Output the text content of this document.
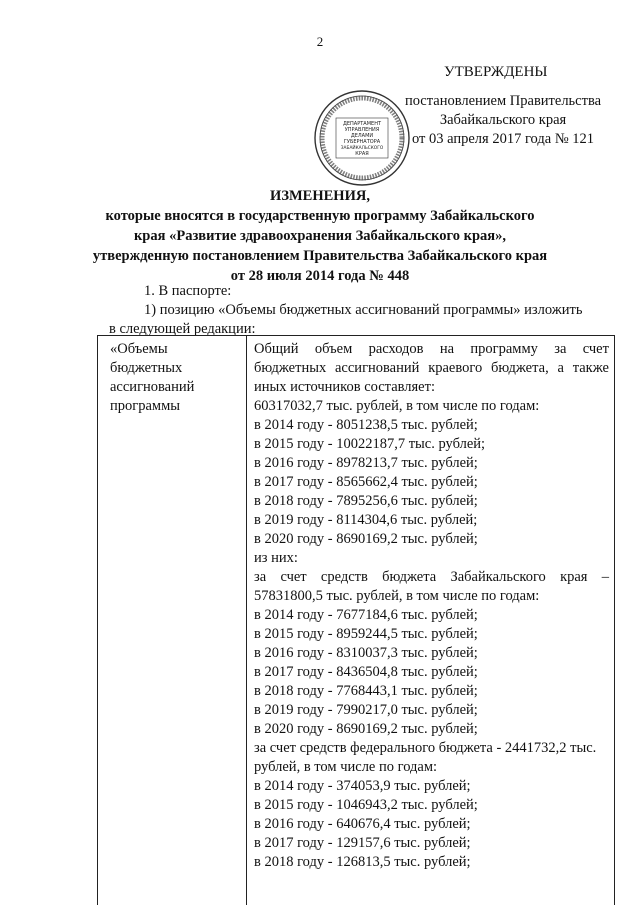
2
УТВЕРЖДЕНЫ
ДЕПАРТАМЕНТ
УПРАВЛЕНИЯ
ДЕЛАМИ
ГУБЕРНАТОРА
ЗАБАЙКАЛЬСКОГО
КРАЯ
постановлением Правительства
Забайкальского края
от 03 апреля 2017 года № 121
ИЗМЕНЕНИЯ,
которые вносятся в государственную программу Забайкальского
края «Развитие здравоохранения Забайкальского края»,
утвержденную постановлением Правительства Забайкальского края
от 28 июля 2014 года № 448
1. В паспорте:
1) позицию «Объемы бюджетных ассигнований программы» изложить
в следующей редакции:
«Объемы
бюджетных
ассигнований
программы
Общий объем расходов на программу за счет
бюджетных ассигнований краевого бюджета, а также
иных источников составляет:
60317032,7 тыс. рублей, в том числе по годам:
в 2014 году - 8051238,5 тыс. рублей;
в 2015 году - 10022187,7 тыс. рублей;
в 2016 году - 8978213,7 тыс. рублей;
в 2017 году - 8565662,4 тыс. рублей;
в 2018 году - 7895256,6 тыс. рублей;
в 2019 году - 8114304,6 тыс. рублей;
в 2020 году - 8690169,2 тыс. рублей;
из них:
за счет средств бюджета Забайкальского края –
57831800,5 тыс. рублей, в том числе по годам:
в 2014 году - 7677184,6 тыс. рублей;
в 2015 году - 8959244,5 тыс. рублей;
в 2016 году - 8310037,3 тыс. рублей;
в 2017 году - 8436504,8 тыс. рублей;
в 2018 году - 7768443,1 тыс. рублей;
в 2019 году - 7990217,0 тыс. рублей;
в 2020 году - 8690169,2 тыс. рублей;
за счет средств федерального бюджета - 2441732,2 тыс.
рублей, в том числе по годам:
в 2014 году - 374053,9 тыс. рублей;
в 2015 году - 1046943,2 тыс. рублей;
в 2016 году - 640676,4 тыс. рублей;
в 2017 году - 129157,6 тыс. рублей;
в 2018 году - 126813,5 тыс. рублей;
